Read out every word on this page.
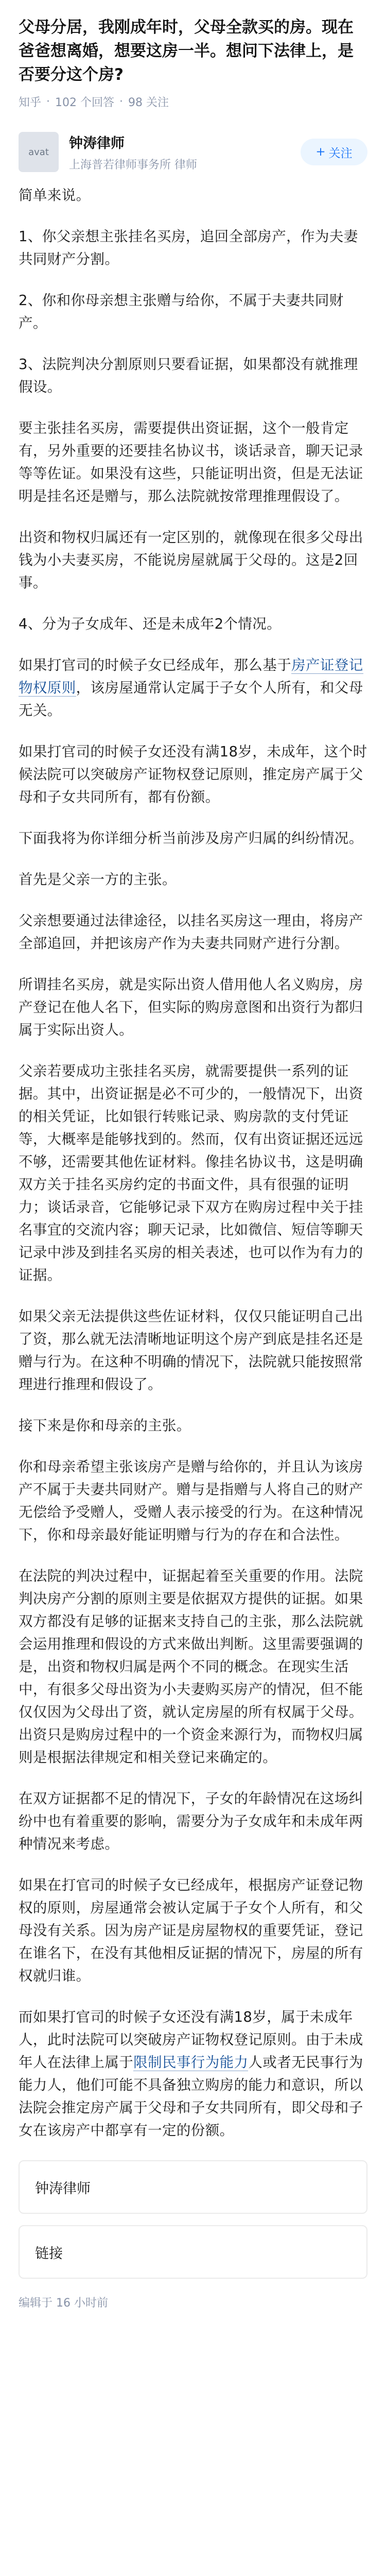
父母分居，我刚成年时，父母全款买的房。现在爸爸想离婚，想要这房一半。想问下法律上，是否要分这个房?
知乎 · 102 个回答 · 98 关注
avat
钟涛律师
上海普若律师事务所 律师
+ 关注

简单来说。

1、你父亲想主张挂名买房，追回全部房产，作为夫妻共同财产分割。

2、你和你母亲想主张赠与给你，不属于夫妻共同财产。

3、法院判决分割原则只要看证据，如果都没有就推理假设。

要主张挂名买房，需要提供出资证据，这个一般肯定有，另外重要的还要挂名协议书，谈话录音，聊天记录等等佐证。如果没有这些，只能证明出资，但是无法证明是挂名还是赠与，那么法院就按常理推理假设了。

出资和物权归属还有一定区别的，就像现在很多父母出钱为小夫妻买房，不能说房屋就属于父母的。这是2回事。

4、分为子女成年、还是未成年2个情况。

如果打官司的时候子女已经成年，那么基于房产证登记物权原则，该房屋通常认定属于子女个人所有，和父母无关。

如果打官司的时候子女还没有满18岁，未成年，这个时候法院可以突破房产证物权登记原则，推定房产属于父母和子女共同所有，都有份额。

下面我将为你详细分析当前涉及房产归属的纠纷情况。

首先是父亲一方的主张。

父亲想要通过法律途径，以挂名买房这一理由，将房产全部追回，并把该房产作为夫妻共同财产进行分割。

所谓挂名买房，就是实际出资人借用他人名义购房，房产登记在他人名下，但实际的购房意图和出资行为都归属于实际出资人。

父亲若要成功主张挂名买房，就需要提供一系列的证据。其中，出资证据是必不可少的，一般情况下，出资的相关凭证，比如银行转账记录、购房款的支付凭证等，大概率是能够找到的。然而，仅有出资证据还远远不够，还需要其他佐证材料。像挂名协议书，这是明确双方关于挂名买房约定的书面文件，具有很强的证明力；谈话录音，它能够记录下双方在购房过程中关于挂名事宜的交流内容；聊天记录，比如微信、短信等聊天记录中涉及到挂名买房的相关表述，也可以作为有力的证据。

如果父亲无法提供这些佐证材料，仅仅只能证明自己出了资，那么就无法清晰地证明这个房产到底是挂名还是赠与行为。在这种不明确的情况下，法院就只能按照常理进行推理和假设了。

接下来是你和母亲的主张。

你和母亲希望主张该房产是赠与给你的，并且认为该房产不属于夫妻共同财产。赠与是指赠与人将自己的财产无偿给予受赠人，受赠人表示接受的行为。在这种情况下，你和母亲最好能证明赠与行为的存在和合法性。

在法院的判决过程中，证据起着至关重要的作用。法院判决房产分割的原则主要是依据双方提供的证据。如果双方都没有足够的证据来支持自己的主张，那么法院就会运用推理和假设的方式来做出判断。这里需要强调的是，出资和物权归属是两个不同的概念。在现实生活中，有很多父母出资为小夫妻购买房产的情况，但不能仅仅因为父母出了资，就认定房屋的所有权属于父母。出资只是购房过程中的一个资金来源行为，而物权归属则是根据法律规定和相关登记来确定的。

在双方证据都不足的情况下，子女的年龄情况在这场纠纷中也有着重要的影响，需要分为子女成年和未成年两种情况来考虑。

如果在打官司的时候子女已经成年，根据房产证登记物权的原则，房屋通常会被认定属于子女个人所有，和父母没有关系。因为房产证是房屋物权的重要凭证，登记在谁名下，在没有其他相反证据的情况下，房屋的所有权就归谁。

而如果打官司的时候子女还没有满18岁，属于未成年人，此时法院可以突破房产证物权登记原则。由于未成年人在法律上属于限制民事行为能力人或者无民事行为能力人，他们可能不具备独立购房的能力和意识，所以法院会推定房产属于父母和子女共同所有，即父母和子女在该房产中都享有一定的份额。

钟涛律师
链接
编辑于 16 小时前
